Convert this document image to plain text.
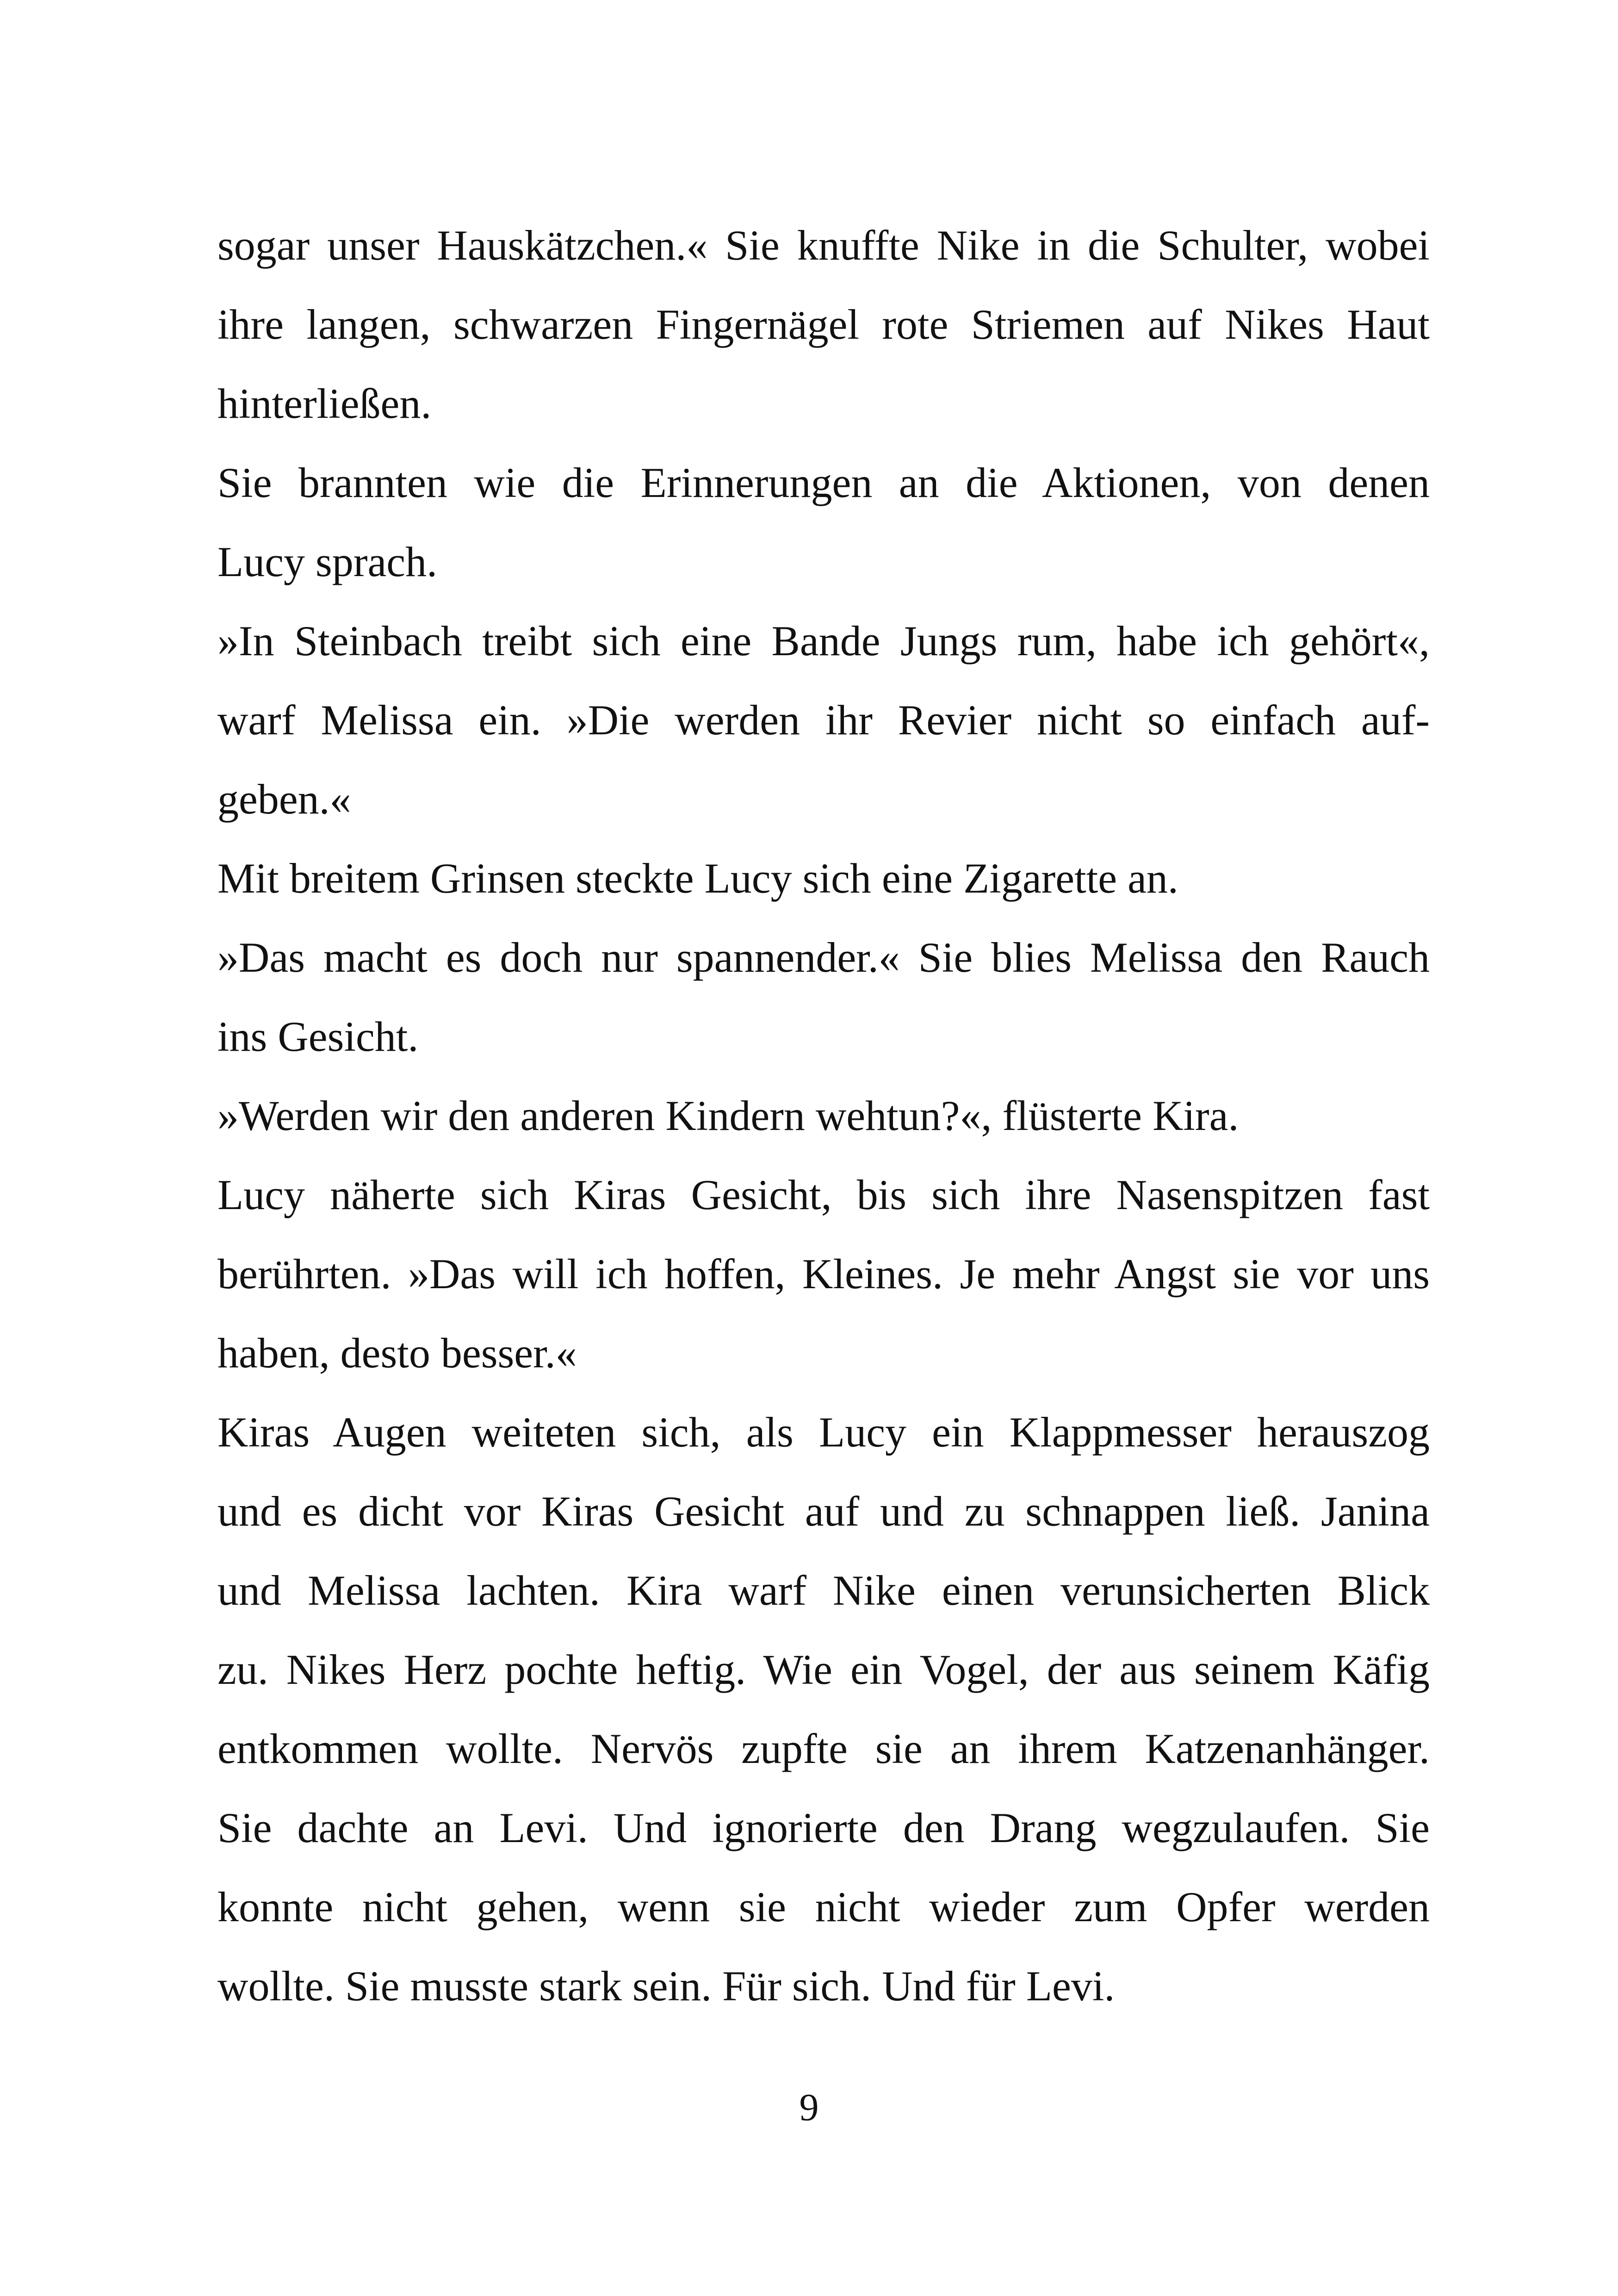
sogar unser Hauskätzchen.« Sie knuffte Nike in die Schulter, wobei
ihre langen, schwarzen Fingernägel rote Striemen auf Nikes Haut
hinterließen.
Sie brannten wie die Erinnerungen an die Aktionen, von denen
Lucy sprach.
»In Steinbach treibt sich eine Bande Jungs rum, habe ich gehört«,
warf Melissa ein. »Die werden ihr Revier nicht so einfach auf-
geben.«
Mit breitem Grinsen steckte Lucy sich eine Zigarette an.
»Das macht es doch nur spannender.« Sie blies Melissa den Rauch
ins Gesicht.
»Werden wir den anderen Kindern wehtun?«, flüsterte Kira.
Lucy näherte sich Kiras Gesicht, bis sich ihre Nasenspitzen fast
berührten. »Das will ich hoffen, Kleines. Je mehr Angst sie vor uns
haben, desto besser.«
Kiras Augen weiteten sich, als Lucy ein Klappmesser herauszog
und es dicht vor Kiras Gesicht auf und zu schnappen ließ. Janina
und Melissa lachten. Kira warf Nike einen verunsicherten Blick
zu. Nikes Herz pochte heftig. Wie ein Vogel, der aus seinem Käfig
entkommen wollte. Nervös zupfte sie an ihrem Katzenanhänger.
Sie dachte an Levi. Und ignorierte den Drang wegzulaufen. Sie
konnte nicht gehen, wenn sie nicht wieder zum Opfer werden
wollte. Sie musste stark sein. Für sich. Und für Levi.
9
